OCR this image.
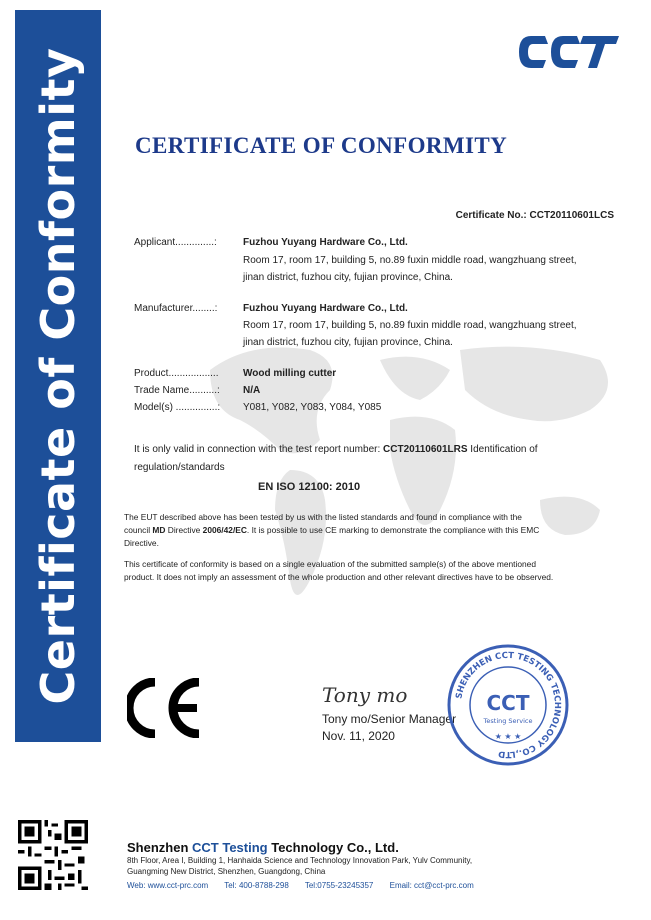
Certificate of Conformity CERTIFICATE OF CONFORMITY
Certificate No.: CCT20110601LCS
Applicant..............:	Fuzhou Yuyang Hardware Co., Ltd.
Room 17, room 17, building 5, no.89 fuxin middle road, wangzhuang street,
jinan district, fuzhou city, fujian province, China.
Manufacturer........:	Fuzhou Yuyang Hardware Co., Ltd.
Room 17, room 17, building 5, no.89 fuxin middle road, wangzhuang street,
jinan district, fuzhou city, fujian province, China.
Product.................. Wood milling cutter
Trade Name..........: N/A
Model(s) ...............: Y081, Y082, Y083, Y084, Y085
It is only valid in connection with the test report number: CCT20110601LRS Identification of
regulation/standards
EN ISO 12100: 2010
The EUT described above has been tested by us with the listed standards and found in compliance with the
council MD Directive 2006/42/EC. It is possible to use CE marking to demonstrate the compliance with this EMC
Directive.
This certificate of conformity is based on a single evaluation of the submitted sample(s) of the above mentioned
product. It does not imply an assessment of the whole production and other relevant directives have to be observed.
Tony mo
Tony mo/Senior Manager
Nov. 11, 2020
SHENZHEN CCT TESTING TECHNOLOGY CO.,LTD
CCT
Testing Service
★ ★ ★
Shenzhen CCT Testing Technology Co., Ltd.
8th Floor, Area I, Building 1, Hanhaida Science and Technology Innovation Park, Yulv Community,
Guangming New District, Shenzhen, Guangdong, China
Web: www.cct-prc.com Tel: 400-8788-298 Tel:0755-23245357 Email: cct@cct-prc.com
